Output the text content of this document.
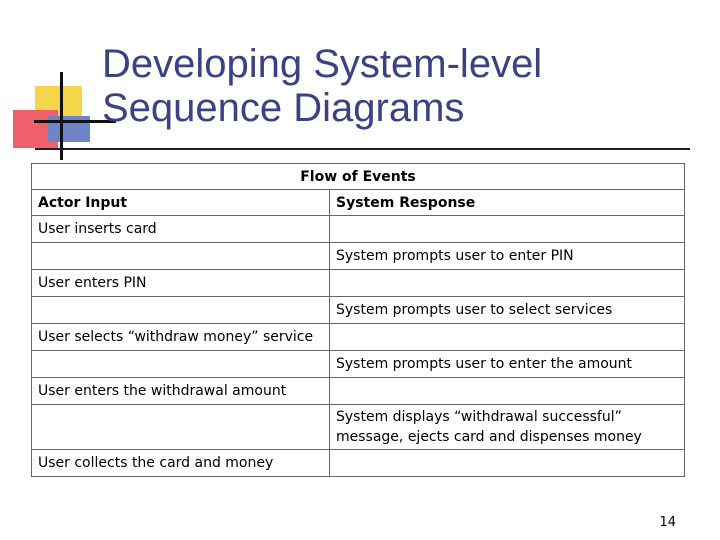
Developing System-level
Sequence Diagrams
Flow of Events	
Actor Input	System Response
User inserts card	
	System prompts user to enter PIN
User enters PIN	
	System prompts user to select services
User selects “withdraw money” service	
	System prompts user to enter the amount
User enters the withdrawal amount	
	System displays “withdrawal successful” message, ejects card and dispenses money
User collects the card and money	
14
